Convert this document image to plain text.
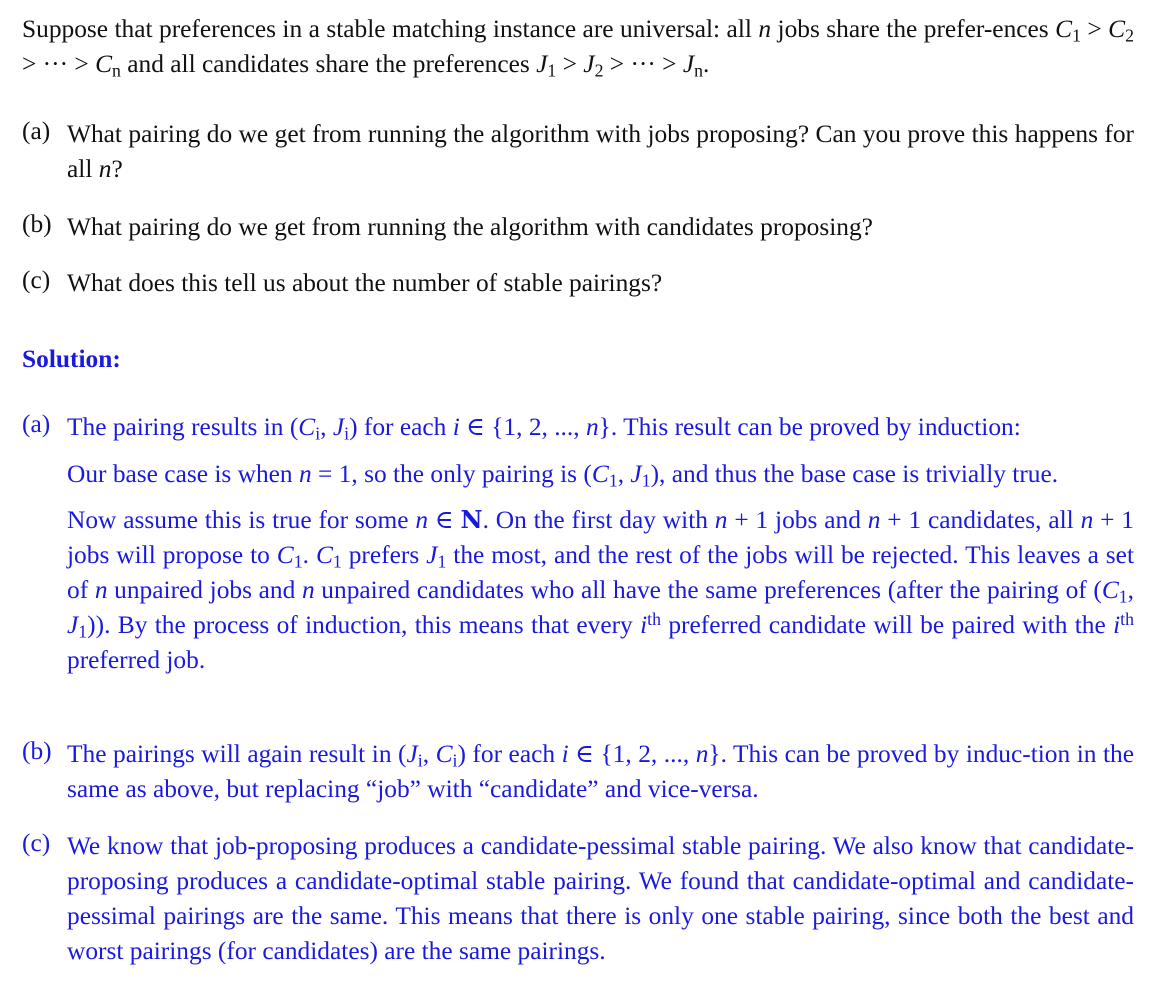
Suppose that preferences in a stable matching instance are universal: all n jobs share the prefer-ences $C_1 > C_2$ > ··· > $C_n$ and all candidates share the preferences $J_1 > J_2$ > ··· > $J_n$.

(a) What pairing do we get from running the algorithm with jobs proposing? Can you prove this happens for all n?

(b) What pairing do we get from running the algorithm with candidates proposing?

(c) What does this tell us about the number of stable pairings?

Solution:

(a) The pairing results in ($C_i$, $J_i$) for each i ∈ {1, 2, ..., n}. This result can be proved by induction:

Our base case is when n = 1, so the only pairing is ($C_1$, $J_1$), and thus the base case is trivially true.

Now assume this is true for some n ∈ N. On the first day with n + 1 jobs and n + 1 candidates, all n + 1 jobs will propose to $C_1$. $C_1$ prefers $J_1$ the most, and the rest of the jobs will be rejected. This leaves a set of n unpaired jobs and n unpaired candidates who all have the same preferences (after the pairing of ($C_1$, $J_1$)). By the process of induction, this means that every $i^{th}$ preferred candidate will be paired with the $i^{th}$ preferred job.

(b) The pairings will again result in ($J_i$, $C_i$) for each i ∈ {1, 2, ..., n}. This can be proved by induc-tion in the same as above, but replacing “job” with “candidate” and vice-versa.

(c) We know that job-proposing produces a candidate-pessimal stable pairing. We also know that candidate-proposing produces a candidate-optimal stable pairing. We found that candidate-optimal and candidate-pessimal pairings are the same. This means that there is only one stable pairing, since both the best and worst pairings (for candidates) are the same pairings.
